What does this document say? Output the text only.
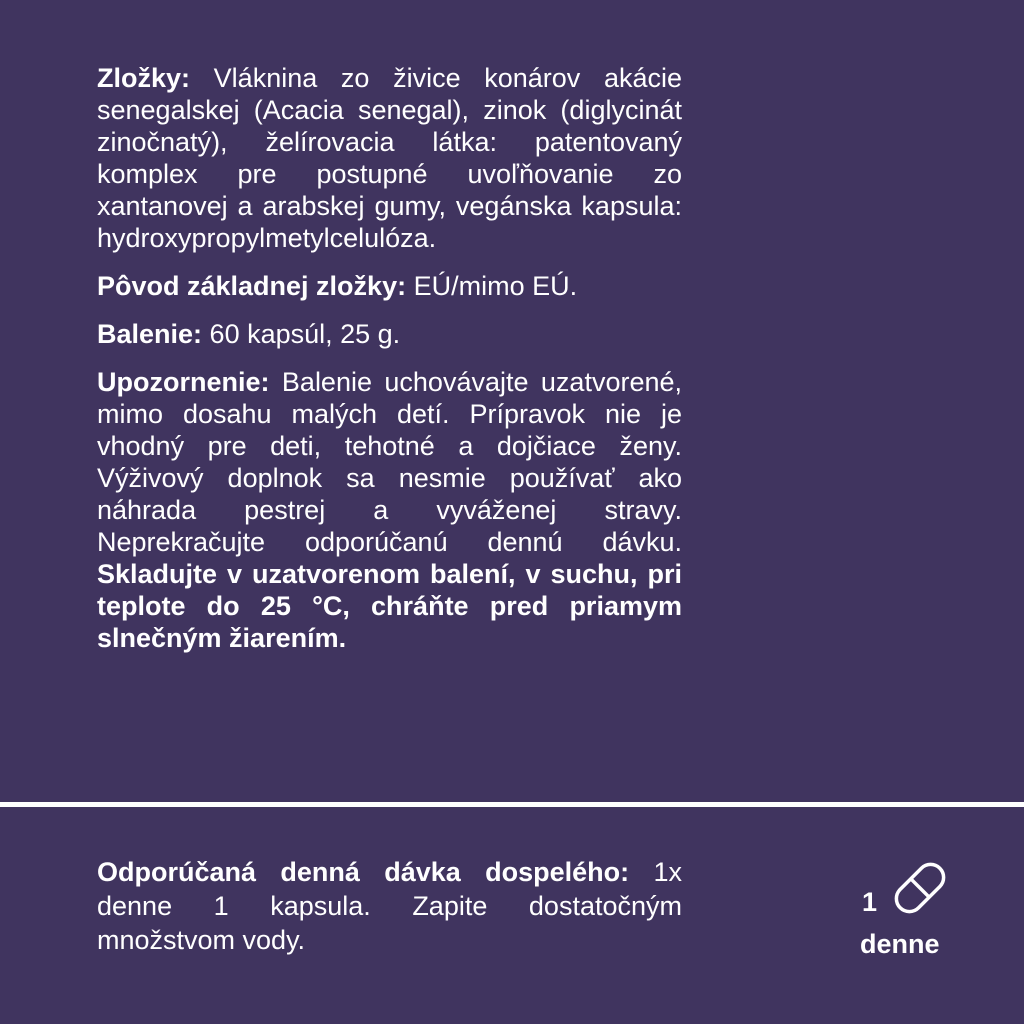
Zložky: Vláknina zo živice konárov akácie senegalskej (Acacia senegal), zinok (diglycinát zinočnatý), želírovacia látka: patentovaný komplex pre postupné uvoľňovanie zo xantanovej a arabskej gumy, vegánska kapsula: hydroxypropylmetylcelulóza.

Pôvod základnej zložky: EÚ/mimo EÚ.

Balenie: 60 kapsúl, 25 g.

Upozornenie: Balenie uchovávajte uzatvorené, mimo dosahu malých detí. Prípravok nie je vhodný pre deti, tehotné a dojčiace ženy. Výživový doplnok sa nesmie používať ako náhrada pestrej a vyváženej stravy. Neprekračujte odporúčanú dennú dávku. Skladujte v uzatvorenom balení, v suchu, pri teplote do 25 °C, chráňte pred priamym slnečným žiarením.

Odporúčaná denná dávka dospelého: 1x denne 1 kapsula. Zapite dostatočným množstvom vody.
1
denne
